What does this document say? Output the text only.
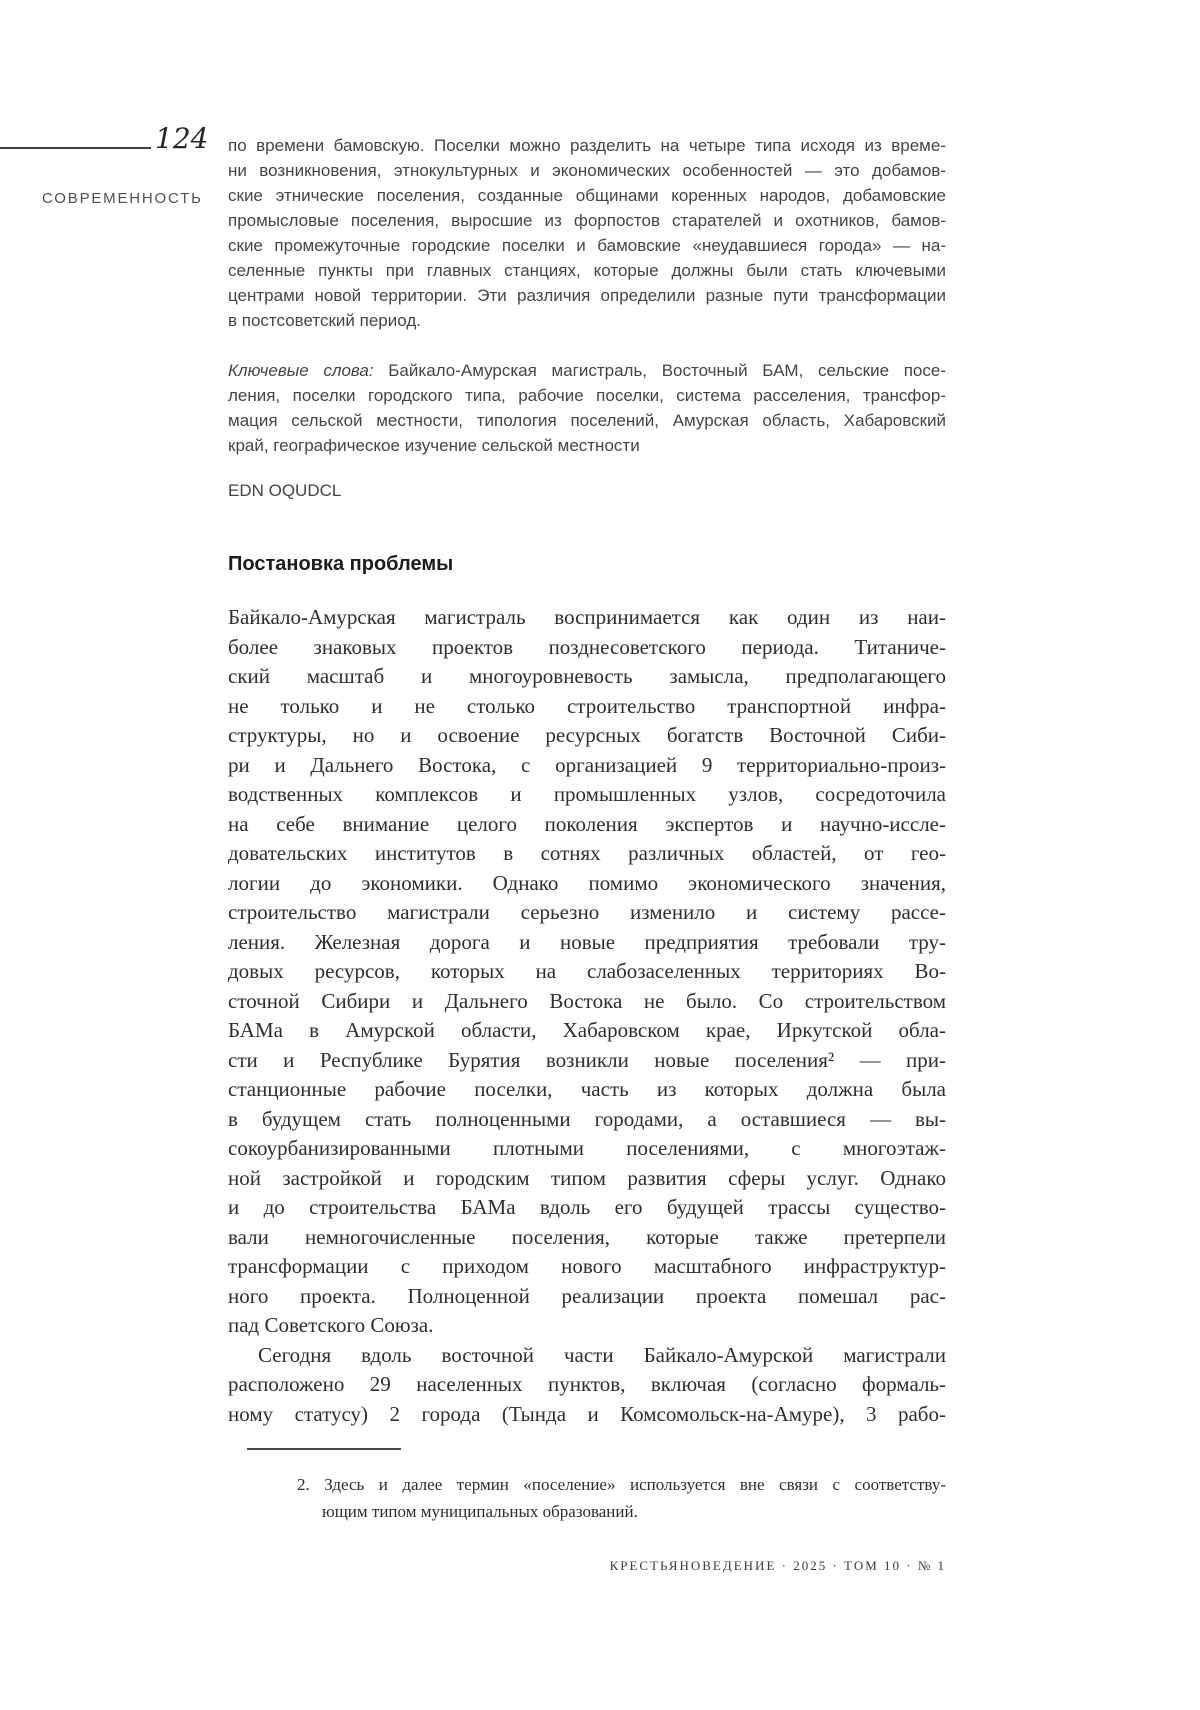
124
СОВРЕМЕННОСТЬ
по времени бамовскую. Поселки можно разделить на четыре типа исходя из време-
ни возникновения, этнокультурных и экономических особенностей — это добамов-
ские этнические поселения, созданные общинами коренных народов, добамовские
промысловые поселения, выросшие из форпостов старателей и охотников, бамов-
ские промежуточные городские поселки и бамовские «неудавшиеся города» — на-
селенные пункты при главных станциях, которые должны были стать ключевыми
центрами новой территории. Эти различия определили разные пути трансформации
в постсоветский период.
Ключевые слова: Байкало-Амурская магистраль, Восточный БАМ, сельские посе-
ления, поселки городского типа, рабочие поселки, система расселения, трансфор-
мация сельской местности, типология поселений, Амурская область, Хабаровский
край, географическое изучение сельской местности
EDN OQUDCL
Постановка проблемы
Байкало-Амурская магистраль воспринимается как один из наи-
более знаковых проектов позднесоветского периода. Титаниче-
ский масштаб и многоуровневость замысла, предполагающего
не только и не столько строительство транспортной инфра-
структуры, но и освоение ресурсных богатств Восточной Сиби-
ри и Дальнего Востока, с организацией 9 территориально-произ-
водственных комплексов и промышленных узлов, сосредоточила
на себе внимание целого поколения экспертов и научно-иссле-
довательских институтов в сотнях различных областей, от гео-
логии до экономики. Однако помимо экономического значения,
строительство магистрали серьезно изменило и систему рассе-
ления. Железная дорога и новые предприятия требовали тру-
довых ресурсов, которых на слабозаселенных территориях Во-
сточной Сибири и Дальнего Востока не было. Со строительством
БАМа в Амурской области, Хабаровском крае, Иркутской обла-
сти и Республике Бурятия возникли новые поселения² — при-
станционные рабочие поселки, часть из которых должна была
в будущем стать полноценными городами, а оставшиеся — вы-
сокоурбанизированными плотными поселениями, с многоэтаж-
ной застройкой и городским типом развития сферы услуг. Однако
и до строительства БАМа вдоль его будущей трассы существо-
вали немногочисленные поселения, которые также претерпели
трансформации с приходом нового масштабного инфраструктур-
ного проекта. Полноценной реализации проекта помешал рас-
пад Советского Союза.
Сегодня вдоль восточной части Байкало-Амурской магистрали
расположено 29 населенных пунктов, включая (согласно формаль-
ному статусу) 2 города (Тында и Комсомольск-на-Амуре), 3 рабо-
2. Здесь и далее термин «поселение» используется вне связи с соответству-
ющим типом муниципальных образований.
КРЕСТЬЯНОВЕДЕНИЕ · 2025 · ТОМ 10 · № 1
